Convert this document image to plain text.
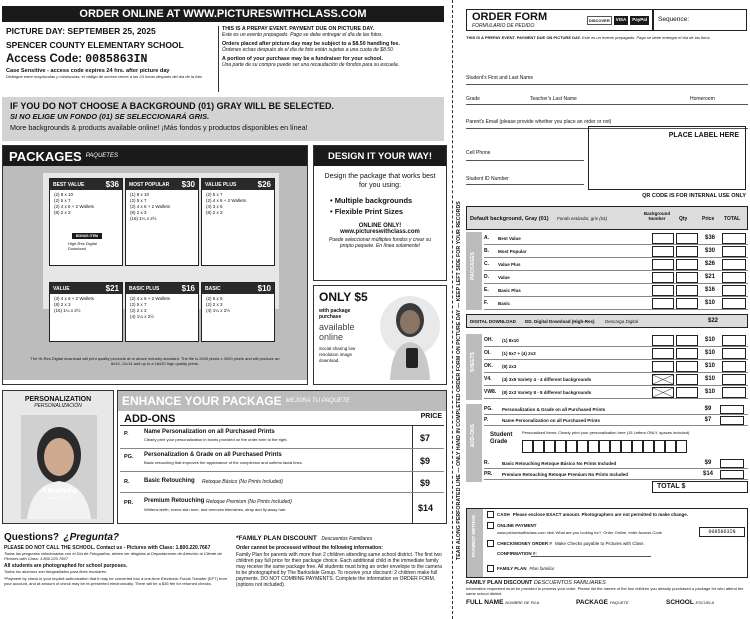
ORDER ONLINE AT WWW.PICTURESWITHCLASS.COM
PICTURE DAY: SEPTEMBER 25, 2025
SPENCER COUNTY ELEMENTARY SCHOOL
Access Code: 0085863IN
Case Sensitive - access code expires 24 hrs. after picture day
Distingue entre mayúsculas y minúsculas; el código de acceso vence a las 24 horas después del día de la foto
THIS IS A PREPAY EVENT. PAYMENT DUE ON PICTURE DAY.
Este es un evento prepagado. Pago se debe entregar el día de las fotos.
Orders placed after picture day may be subject to a $8.50 handling fee.
Órdenes echas después de el día de foto están sujetas a una cuota de $8.50.
A portion of your purchase may be a fundraiser for your school.
Una parte de su compra puede ser una recaudación de fondos para su escuela.
IF YOU DO NOT CHOOSE A BACKGROUND (01) GRAY WILL BE SELECTED.
SI NO ELIGE UN FONDO (01) SE SELECCIONARÁ GRIS.
More backgrounds & products available online! ¡Más fondos y productos disponibles en línea!
PACKAGES PAQUETES
BEST VALUE	$36
(2) 8 x 10
(2) 5 x 7
(2) 4 x 6 + 2 Wallets
(8) 2 x 3
BONUS ITEM
High-Res Digital Download
MOST POPULAR $30
(1) 8 x 10
(2) 5 x 7
(2) 4 x 6 + 2 Wallets
(8) 2 x 3
(16) 1¼ x 2½
VALUE PLUS	$26
(2) 5 x 7
(2) 4 x 6 + 2 Wallets
(4) 3 x 5
(8) 2 x 3
VALUE	$21
(3) 4 x 6 + 2 Wallets
(8) 2 x 3
(16) 1¼ x 2½
BASIC PLUS	$16
(2) 4 x 6 + 2 Wallets
(2) 5 x 7
(2) 2 x 3
(4) 1¼ x 2½
BASIC	$10
(2) 5 x 5
(2) 2 x 3
(4) 1¼ x 2½
The Hi-Res Digital download will print quality products at or above industry standard. The file is 2400 pixels x 3000 pixels and will produce an 8x10, 11x14 and up to a 16x20 high quality prints.
DESIGN IT YOUR WAY!
Design the package that works best for you using:
• Multiple backgrounds
• Flexible Print Sizes
ONLINE ONLY!
www.pictureswithclass.com
Puede seleccionar múltiples fondos y crear su propio paquete. En línea solamente!
ONLY $5
with package purchase
available online
Social sharing low resolution image download.
PERSONALIZATION
PERSONALIZACIÓN
Amanda
Class of 2025
ENHANCE YOUR PACKAGE MEJORA TU PAQUETE
ADD-ONS	PRICE
P.	Name Personalization on all Purchased Prints
Clearly print your personalization in boxes provided on the order form to the right.	$7
PG. Personalization & Grade on all Purchased Prints
Basic retouching that improves the appearance of the complexion and softens facial lines.	$9
R. Basic Retouching Retoque Básico (No Prints Included)	$9
PR. Premium Retouching Retoque Premium (No Prints Included)
Whitens teeth, evens skin tone, and removes blemishes, stray and fly-away hair.	$14
Questions? ¿Pregunta?
PLEASE DO NOT CALL THE SCHOOL. Contact us - Pictures with Class: 1.800.220.7667
Todas las preguntas relacionadas con el Día de Fotografías, deben ser dirigidas al Departamento de Atención al Cliente de Pictures with Class: 1.800.220.7667
All students are photographed for school purposes.
Todos los alumnos son fotografiados para fines escolares.
*Payment by check is your implicit authorization that it may be converted into a one-time Electronic Funds Transfer (EFT) from your account, and at amount of check may be re-presented electronically. There will be a $35 fee for returned checks.
*FAMILY PLAN DISCOUNT Descuentos Familiares
Order cannot be processed without the following information:
Family Plan for parents with more than 2 children attending same school district. The first two children pay full price for their package choice. Each additional child in the immediate family may receive the same package free. All students must bring an order envelope to the camera to be photographed by The Barksdale Group. To receive your discount: 2 children make full payments. DO NOT COMBINE PAYMENTS. Complete the information on ORDER FORM. (options not included).
TEAR ALONG PERFORATED LINE — ONLY HAND IN COMPLETED ORDER FORM ON PICTURE DAY — KEEP LEFT SIDE FOR YOUR RECORDS
ORDER FORM
FORMULARIO DE PEDIDO
DISCOVER	VISA	PayPal	Sequence:
THIS IS A PREPAY EVENT. PAYMENT DUE ON PICTURE DAY. Este es un evento prepagado. Pago se debe entregar el día de las fotos.
Student's First and Last Name
Grade	Teacher's Last Name	Homeroom
Parent's Email (please provide whether you place an order or not)
Cell Phone
Student ID Number
PLACE LABEL HERE
QR CODE IS FOR INTERNAL USE ONLY
Default background, Gray (01) Fondo estándar, gris (01)
Background Number	Qty	Price TOTAL
PACKAGES
A.	Best Value	$36
B.	Most Popular	$30
C.	Value Plus	$26
D.	Value	$21
E.	Basic Plus	$16
F.	Basic	$10
DIGITAL DOWNLOAD	DD. Digital Download (High-Res)	Descarga Digital	$22
SHEETS
OH.	(1) 8x10	$10
OI.	(1) 5x7 + (4) 2x3	$10
OK.	(8) 2x3	$10
V4.	(4) 3x5 Variety 4 - 4 different backgrounds	$10
VW8.	(8) 2x3 Variety 8 - 8 different backgrounds	$10
ADD-ONS
PG.	Personalization & Grade on all Purchased Prints	$9
P.	Name Personalization on all Purchased Prints	$7
Student Grade
Personalized Items: Clearly print your personalization here (15 Letters ONLY, spaces included)
R.	Basic Retouching Retoque Básico No Prints Included	$9
PR.	Premium Retouching Retoque Premium No Prints Included	$14
TOTAL $
PAYMENT METHOD
CASH Please enclose EXACT amount. Photographers are not permitted to make change.
ONLINE PAYMENT
www.pictureswithclass.com click What are you looking for?, Order Online, enter Access Code	0085863IN
CHECK/MONEY ORDER # Make Checks payable to Pictures with Class
CONFIRMATION #:
FAMILY PLAN Plan familiar
FAMILY PLAN DISCOUNT DESCUENTOS FAMILIARES
Information requested must be provided to process your order. Please list the names of the two children you already purchased a package for who attend the same school district.
FULL NAME NOMBRE DE PILA	PACKAGE PAQUETE	SCHOOL ESCUELA
